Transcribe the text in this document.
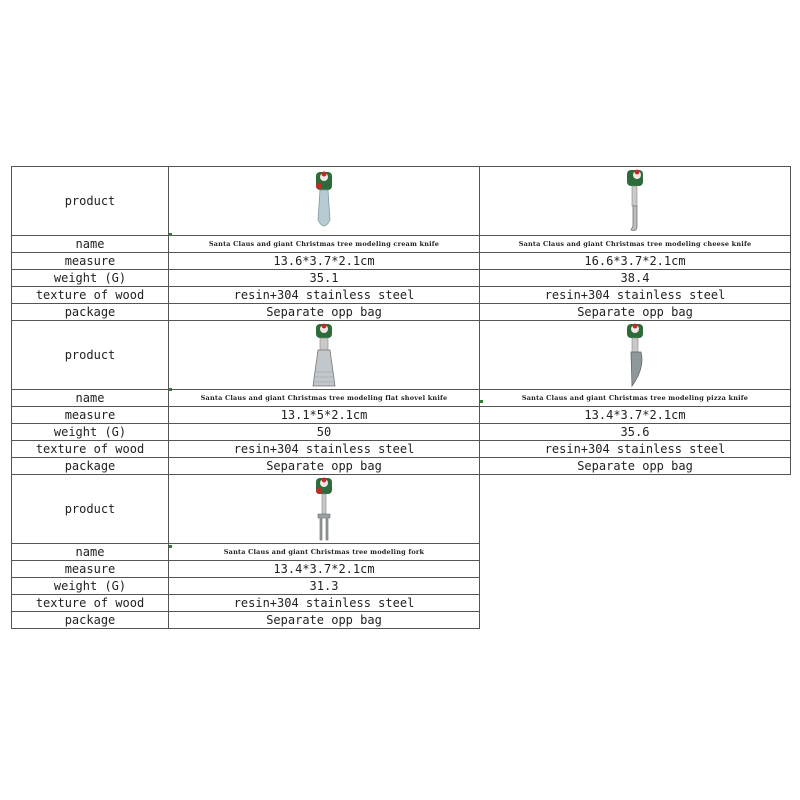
product		
name	Santa Claus and giant Christmas tree modeling cream knife	Santa Claus and giant Christmas tree modeling cheese knife
measure	13.6*3.7*2.1cm	16.6*3.7*2.1cm
weight (G)	35.1	38.4
texture of wood	resin+304 stainless steel	resin+304 stainless steel
package	Separate opp bag	Separate opp bag
product		
name	Santa Claus and giant Christmas tree modeling flat shovel knife	Santa Claus and giant Christmas tree modeling pizza knife
measure	13.1*5*2.1cm	13.4*3.7*2.1cm
weight (G)	50	35.6
texture of wood	resin+304 stainless steel	resin+304 stainless steel
package	Separate opp bag	Separate opp bag
product		
name	Santa Claus and giant Christmas tree modeling fork	
measure	13.4*3.7*2.1cm	
weight (G)	31.3	
texture of wood	resin+304 stainless steel	
package	Separate opp bag	
